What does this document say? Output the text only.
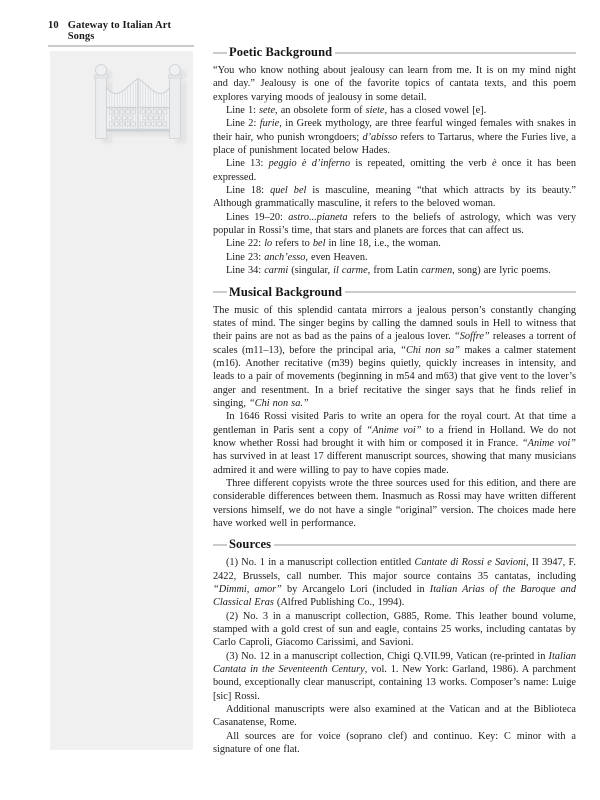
10 Gateway to Italian Art Songs
Poetic Background

“You who know nothing about jealousy can learn from me. It is on my mind night and day.” Jealousy is one of the favorite topics of cantata texts, and this poem explores varying moods of jealousy in some detail.

Line 1: sete, an obsolete form of siete, has a closed vowel [e].

Line 2: furie, in Greek mythology, are three fearful winged females with snakes in their hair, who punish wrongdoers; d’abisso refers to Tartarus, where the Furies live, a place of punishment located below Hades.

Line 13: peggio è d’inferno is repeated, omitting the verb è once it has been expressed.

Line 18: quel bel is masculine, meaning “that which attracts by its beauty.” Although grammatically masculine, it refers to the beloved woman.

Lines 19–20: astro...pianeta refers to the beliefs of astrology, which was very popular in Rossi’s time, that stars and planets are forces that can affect us.

Line 22: lo refers to bel in line 18, i.e., the woman.

Line 23: anch’esso, even Heaven.

Line 34: carmi (singular, il carme, from Latin carmen, song) are lyric poems.

Musical Background

The music of this splendid cantata mirrors a jealous person’s constantly changing states of mind. The singer begins by calling the damned souls in Hell to witness that their pains are not as bad as the pains of a jealous lover. “Soffre” releases a torrent of scales (m11–13), before the principal aria, “Chi non sa” makes a calmer statement (m16). Another recitative (m39) begins quietly, quickly increases in intensity, and leads to a pair of movements (beginning in m54 and m63) that give vent to the lover’s anger and resentment. In a brief recitative the singer says that he finds relief in singing, “Chi non sa.”

In 1646 Rossi visited Paris to write an opera for the royal court. At that time a gentleman in Paris sent a copy of “Anime voi” to a friend in Holland. We do not know whether Rossi had brought it with him or composed it in France. “Anime voi” has survived in at least 17 different manuscript sources, showing that many musicians admired it and were willing to pay to have copies made.

Three different copyists wrote the three sources used for this edition, and there are considerable differences between them. Inasmuch as Rossi may have written different versions himself, we do not have a single “original” version. The choices made here have worked well in performance.

Sources

(1) No. 1 in a manuscript collection entitled Cantate di Rossi e Savioni, II 3947, F. 2422, Brussels, call number. This major source contains 35 cantatas, including “Dimmi, amor” by Arcangelo Lori (included in Italian Arias of the Baroque and Classical Eras (Alfred Publishing Co., 1994).

(2) No. 3 in a manuscript collection, G885, Rome. This leather bound volume, stamped with a gold crest of sun and eagle, contains 25 works, including cantatas by Carlo Caproli, Giacomo Carissimi, and Savioni.

(3) No. 12 in a manuscript collection, Chigi Q.VII.99, Vatican (re-printed in Italian Cantata in the Seventeenth Century, vol. 1. New York: Garland, 1986). A parchment bound, exceptionally clear manuscript, containing 13 works. Composer’s name: Luige [sic] Rossi.

Additional manuscripts were also examined at the Vatican and at the Biblioteca Casanatense, Rome.

All sources are for voice (soprano clef) and continuo. Key: C minor with a signature of one flat.
